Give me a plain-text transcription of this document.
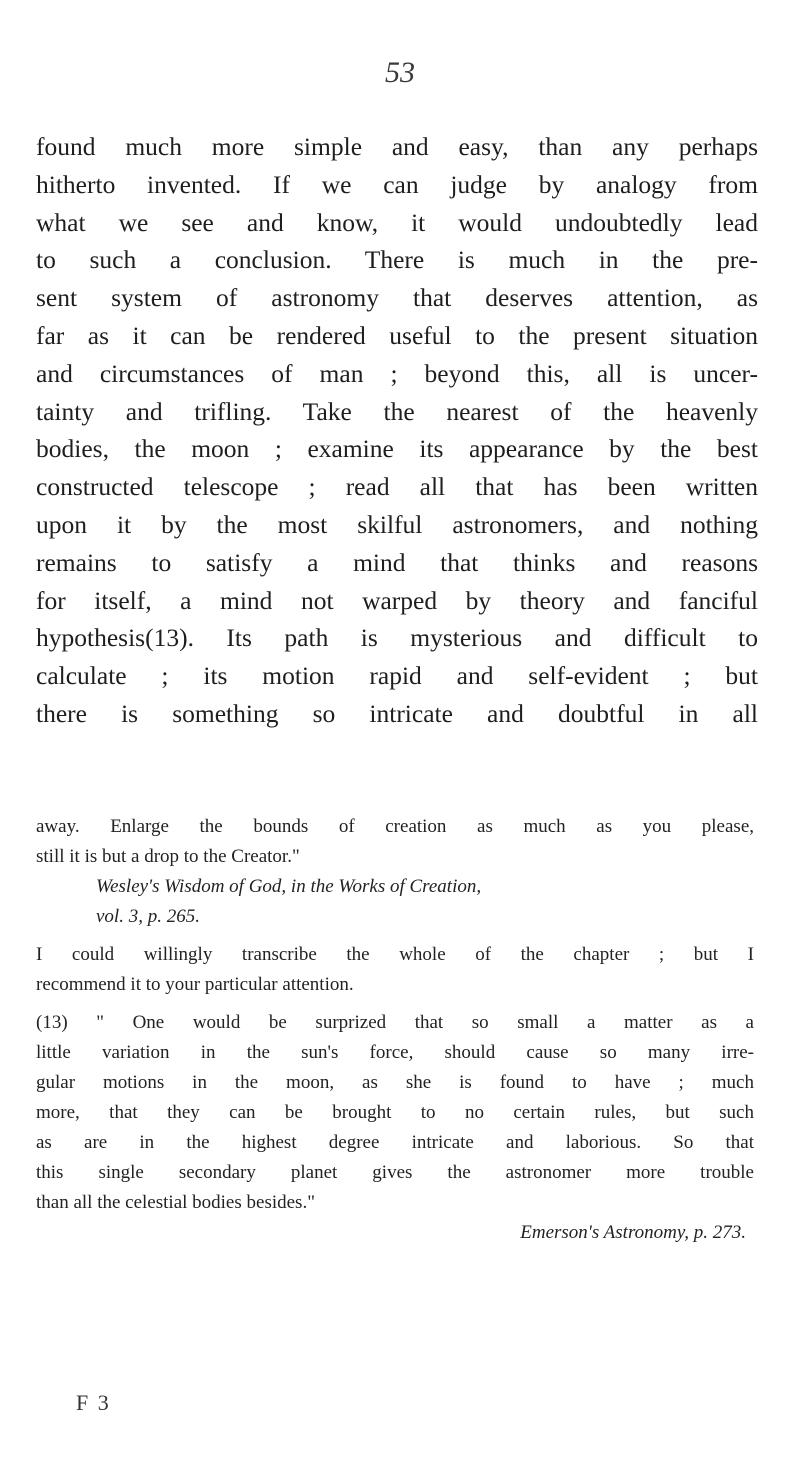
53
found much more simple and easy, than any perhaps
hitherto invented. If we can judge by analogy from
what we see and know, it would undoubtedly lead
to such a conclusion. There is much in the pre-
sent system of astronomy that deserves attention, as
far as it can be rendered useful to the present situation
and circumstances of man ; beyond this, all is uncer-
tainty and trifling. Take the nearest of the heavenly
bodies, the moon ; examine its appearance by the best
constructed telescope ; read all that has been written
upon it by the most skilful astronomers, and nothing
remains to satisfy a mind that thinks and reasons
for itself, a mind not warped by theory and fanciful
hypothesis(13). Its path is mysterious and difficult to
calculate ; its motion rapid and self-evident ; but
there is something so intricate and doubtful in all
away. Enlarge the bounds of creation as much as you please,
still it is but a drop to the Creator."
Wesley's Wisdom of God, in the Works of Creation,
vol. 3, p. 265.
I could willingly transcribe the whole of the chapter ; but I
recommend it to your particular attention.
(13) " One would be surprized that so small a matter as a
little variation in the sun's force, should cause so many irre-
gular motions in the moon, as she is found to have ; much
more, that they can be brought to no certain rules, but such
as are in the highest degree intricate and laborious. So that
this single secondary planet gives the astronomer more trouble
than all the celestial bodies besides."
Emerson's Astronomy, p. 273.
F 3
